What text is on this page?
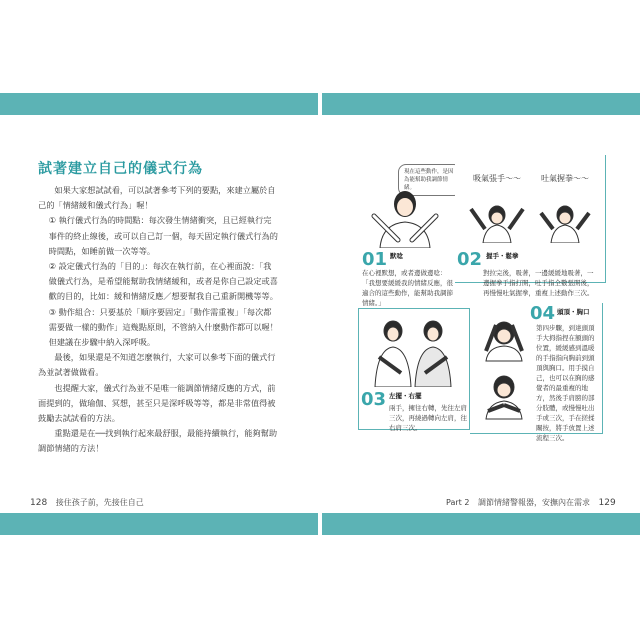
試著建立自己的儀式行為

如果大家想試試看，可以試著參考下列的要點，來建立屬於自己的「情緒緩和儀式行為」喔！

① 執行儀式行為的時間點：每次發生情緒衝突，且已經執行完事件的終止線後，或可以自己訂一個，每天固定執行儀式行為的時間點，如睡前做一次等等。

② 設定儀式行為的「目的」：每次在執行前，在心裡面說：「我做儀式行為，是希望能幫助我情緒緩和，或者是你自己設定或喜歡的目的，比如：緩和情緒反應／想要幫我自己重新開機等等。

③ 動作組合：只要基於「順序要固定」「動作需重複」「每次都需要做一樣的動作」這幾點原則，不管納入什麼動作都可以喔！但建議在步驟中納入深呼吸。

最後，如果還是不知道怎麼執行，大家可以參考下面的儀式行為並試著做做看。

也提醒大家，儀式行為並不是唯一能調節情緒反應的方式，前面提到的，做瑜伽、冥想，甚至只是深呼吸等等，都是非常值得被鼓勵去試試看的方法。

重點還是在──找到執行起來最舒服，最能持續執行，能夠幫助調節情緒的方法！

128 接住孩子前，先接住自己
現在這些動作，是因為能幫助我調節情緒。
01 默唸
在心裡默想，或者邊做邊唸：「我想要緩緩我的情緒反應，很適合的這些動作，能幫助我調節情緒。」
吸氣張手～～	吐氣握拳～～
02 握手・鬆拳
對拉完後，吸著，一邊緩緩地吸著，一邊握拳手指打開，吐手指全數張開後，再慢慢吐氣握拳，重複上述動作三次。
03 左擺・右擺
兩手，擁往右轉，先往左肩三次，再繞過轉向左肩，往右肩三次。
04 頭頂・胸口
第四步驟，到達頭頂手大拇指捏在額頭的位置，緩緩感到溫暖的手指指向胸前到頭頂與胸口。用手摸自己，也可以在胸的感覺者的最重複的地方，然後手肩膀的部分肢體，或慢慢吐出手或三次，手在搓揉關按，將手放置上述流程三次。
Part 2 調節情緒警報器，安撫內在需求 129
